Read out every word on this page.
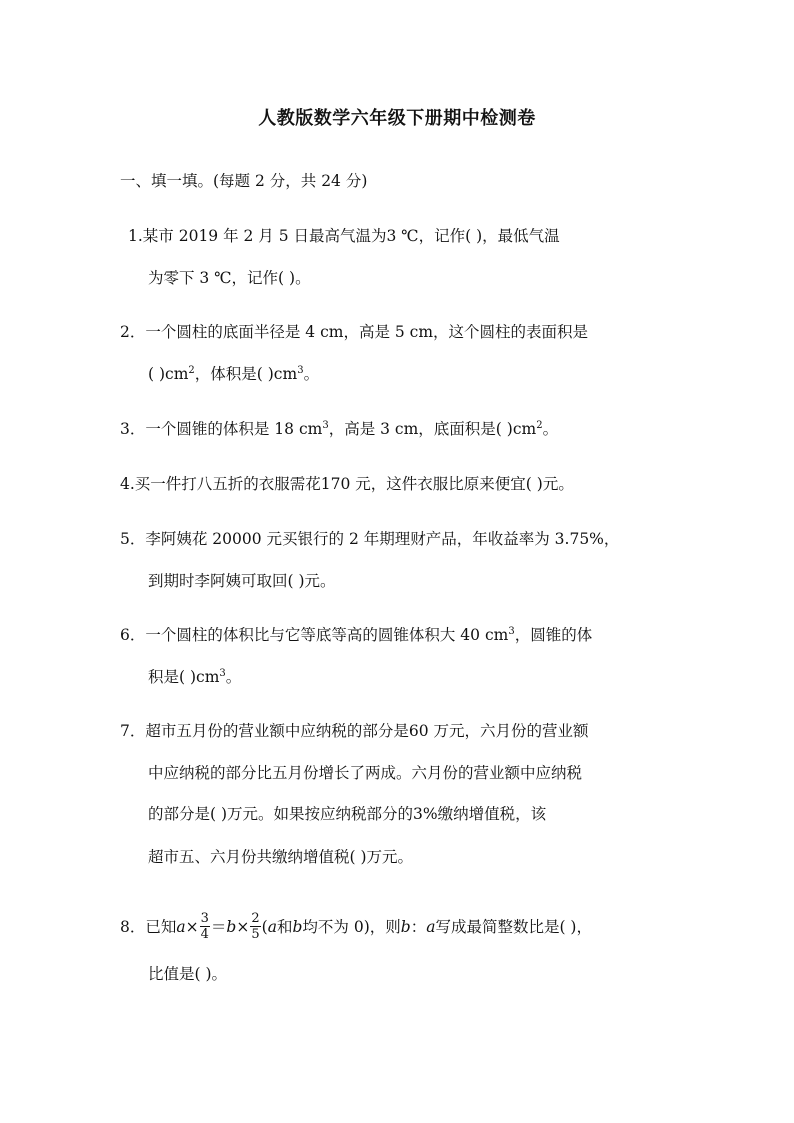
人教版数学六年级下册期中检测卷
一、填一填。(每题 2 分，共 24 分)
1.某市 2019 年 2 月 5 日最高气温为3 ℃，记作( )，最低气温
为零下 3 ℃，记作( )。
2．一个圆柱的底面半径是 4 cm，高是 5 cm，这个圆柱的表面积是
( )$cm^2$，体积是( )$cm^3$。
3．一个圆锥的体积是 18 $cm^3$，高是 3 cm，底面积是( )$cm^2$。
4.买一件打八五折的衣服需花170 元，这件衣服比原来便宜( )元。
5．李阿姨花 20000 元买银行的 2 年期理财产品，年收益率为 3.75%，
到期时李阿姨可取回( )元。
6．一个圆柱的体积比与它等底等高的圆锥体积大 40 $cm^3$，圆锥的体
积是( )$cm^3$。
7．超市五月份的营业额中应纳税的部分是60 万元，六月份的营业额
中应纳税的部分比五月份增长了两成。六月份的营业额中应纳税
的部分是( )万元。如果按应纳税部分的3%缴纳增值税，该
超市五、六月份共缴纳增值税( )万元。
8．已知$a\times \frac{3}{4} =b\times \frac{2}{5} (a$和b均不为 0)，则b：a写成最简整数比是( )，
比值是( )。
